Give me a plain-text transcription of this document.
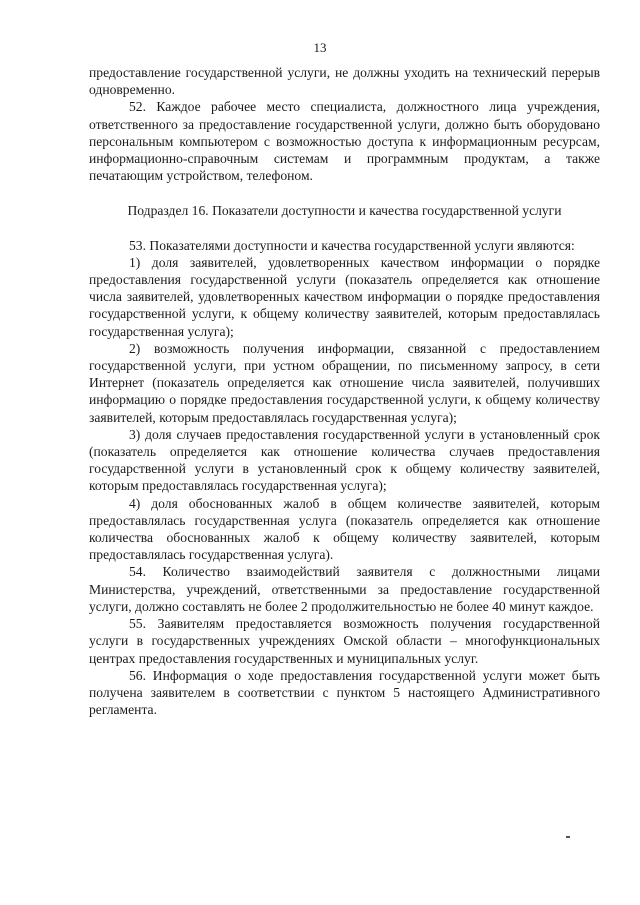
13

предоставление государственной услуги, не должны уходить на технический перерыв одновременно.

52. Каждое рабочее место специалиста, должностного лица учреждения, ответственного за предоставление государственной услуги, должно быть оборудовано персональным компьютером с возможностью доступа к информационным ресурсам, информационно-справочным системам и программным продуктам, а также печатающим устройством, телефоном.

Подраздел 16. Показатели доступности и качества государственной услуги

53. Показателями доступности и качества государственной услуги являются:

1) доля заявителей, удовлетворенных качеством информации о порядке предоставления государственной услуги (показатель определяется как отношение числа заявителей, удовлетворенных качеством информации о порядке предоставления государственной услуги, к общему количеству заявителей, которым предоставлялась государственная услуга);

2) возможность получения информации, связанной с предоставлением государственной услуги, при устном обращении, по письменному запросу, в сети Интернет (показатель определяется как отношение числа заявителей, получивших информацию о порядке предоставления государственной услуги, к общему количеству заявителей, которым предоставлялась государственная услуга);

3) доля случаев предоставления государственной услуги в установленный срок (показатель определяется как отношение количества случаев предоставления государственной услуги в установленный срок к общему количеству заявителей, которым предоставлялась государственная услуга);

4) доля обоснованных жалоб в общем количестве заявителей, которым предоставлялась государственная услуга (показатель определяется как отношение количества обоснованных жалоб к общему количеству заявителей, которым предоставлялась государственная услуга).

54. Количество взаимодействий заявителя с должностными лицами Министерства, учреждений, ответственными за предоставление государственной услуги, должно составлять не более 2 продолжительностью не более 40 минут каждое.

55. Заявителям предоставляется возможность получения государственной услуги в государственных учреждениях Омской области – многофункциональных центрах предоставления государственных и муниципальных услуг.

56. Информация о ходе предоставления государственной услуги может быть получена заявителем в соответствии с пунктом 5 настоящего Административного регламента.
